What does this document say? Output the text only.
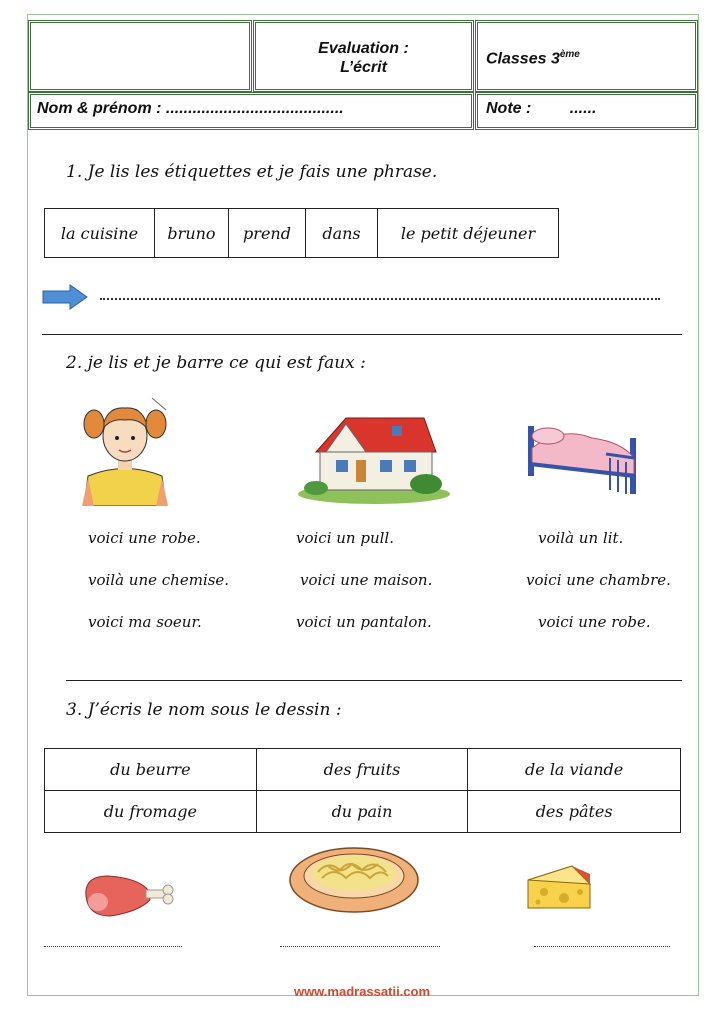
Evaluation :
L’écrit
Classes 3ème
Nom & prénom : ........................................	Note : ......
1. Je lis les étiquettes et je fais une phrase.
la cuisine	bruno	prend	dans	le petit déjeuner
2. je lis et je barre ce qui est faux :
voici une robe.
voilà une chemise.
voici ma soeur.
voici un pull.
voici une maison.
voici un pantalon.
voilà un lit.
voici une chambre.
voici une robe.
3. J’écris le nom sous le dessin :
du beurre	des fruits	de la viande
du fromage	du pain	des pâtes
www.madrassatii.com
